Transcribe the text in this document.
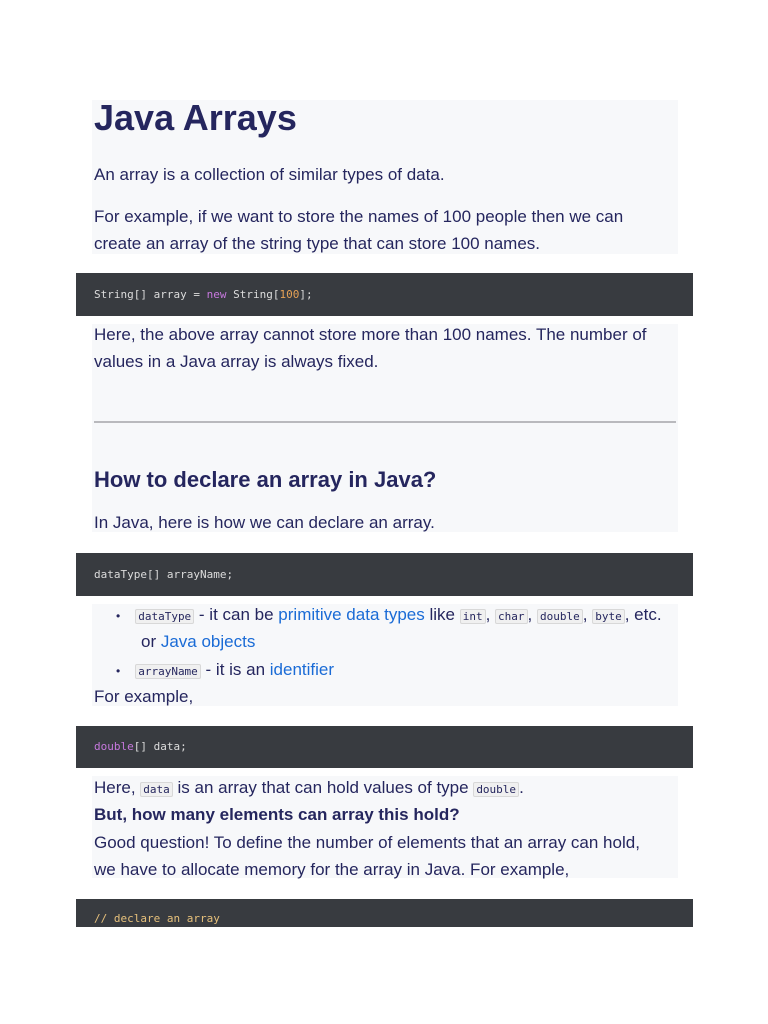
Java Arrays
An array is a collection of similar types of data.
For example, if we want to store the names of 100 people then we can
create an array of the string type that can store 100 names.
String[] array = new String[100];
Here, the above array cannot store more than 100 names. The number of
values in a Java array is always fixed.
How to declare an array in Java?
In Java, here is how we can declare an array.
dataType[] arrayName;
• dataType - it can be primitive data types like int , char , double , byte , etc.
or Java objects
• arrayName - it is an identifier
For example,
double[] data;
Here, data is an array that can hold values of type double .
But, how many elements can array this hold?
Good question! To define the number of elements that an array can hold,
we have to allocate memory for the array in Java. For example,
// declare an array
